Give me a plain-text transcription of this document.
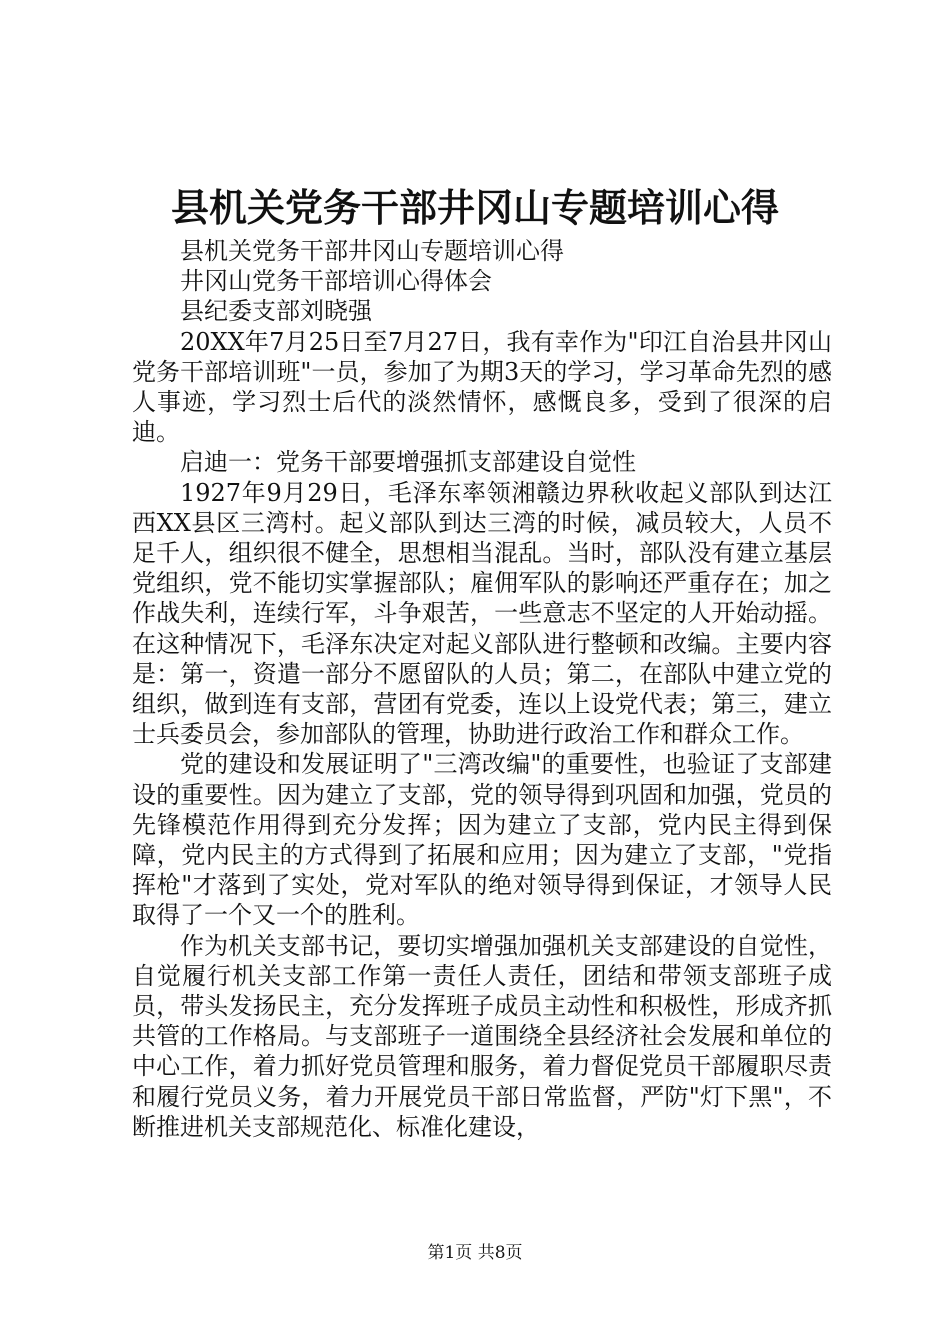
县机关党务干部井冈山专题培训心得

县机关党务干部井冈山专题培训心得

井冈山党务干部培训心得体会

县纪委支部刘晓强

20XX年7月25日至7月27日，我有幸作为"印江自治县井冈山党务干部培训班"一员，参加了为期3天的学习，学习革命先烈的感人事迹，学习烈士后代的淡然情怀，感慨良多，受到了很深的启迪。

启迪一：党务干部要增强抓支部建设自觉性

1927年9月29日，毛泽东率领湘赣边界秋收起义部队到达江西XX县区三湾村。起义部队到达三湾的时候，减员较大，人员不足千人，组织很不健全，思想相当混乱。当时，部队没有建立基层党组织，党不能切实掌握部队；雇佣军队的影响还严重存在；加之作战失利，连续行军，斗争艰苦，一些意志不坚定的人开始动摇。在这种情况下，毛泽东决定对起义部队进行整顿和改编。主要内容是：第一，资遣一部分不愿留队的人员；第二，在部队中建立党的组织，做到连有支部，营团有党委，连以上设党代表；第三，建立士兵委员会，参加部队的管理，协助进行政治工作和群众工作。

党的建设和发展证明了"三湾改编"的重要性，也验证了支部建设的重要性。因为建立了支部，党的领导得到巩固和加强，党员的先锋模范作用得到充分发挥；因为建立了支部，党内民主得到保障，党内民主的方式得到了拓展和应用；因为建立了支部，"党指挥枪"才落到了实处，党对军队的绝对领导得到保证，才领导人民取得了一个又一个的胜利。

作为机关支部书记，要切实增强加强机关支部建设的自觉性，自觉履行机关支部工作第一责任人责任，团结和带领支部班子成员，带头发扬民主，充分发挥班子成员主动性和积极性，形成齐抓共管的工作格局。与支部班子一道围绕全县经济社会发展和单位的中心工作，着力抓好党员管理和服务，着力督促党员干部履职尽责和履行党员义务，着力开展党员干部日常监督，严防"灯下黑"，不断推进机关支部规范化、标准化建设，

第1页 共8页
